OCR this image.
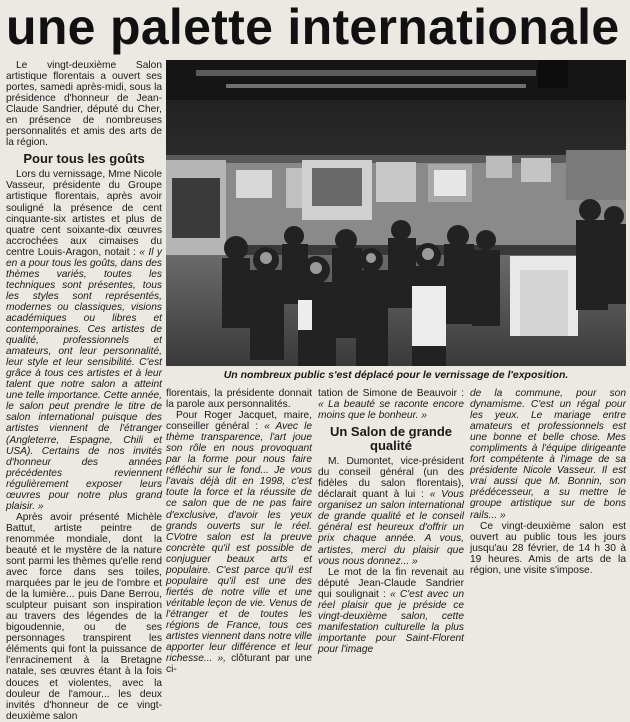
une palette internationale

Le vingt-deuxième Salon artistique florentais a ouvert ses portes, samedi après-midi, sous la présidence d'honneur de Jean-Claude Sandrier, député du Cher, en présence de nombreuses personnalités et amis des arts de la région.

Pour tous les goûts

Lors du vernissage, Mme Nicole Vasseur, présidente du Groupe artistique florentais, après avoir souligné la présence de cent cinquante-six artistes et plus de quatre cent soixante-dix œuvres accrochées aux cimaises du centre Louis-Aragon, notait : « Il y en a pour tous les goûts, dans des thèmes variés, toutes les techniques sont présentes, tous les styles sont représentés, modernes ou classiques, visions académiques ou libres et contemporaines. Ces artistes de qualité, professionnels et amateurs, ont leur personnalité, leur style et leur sensibilité. C'est grâce à tous ces artistes et à leur talent que notre salon a atteint une telle importance. Cette année, le salon peut prendre le titre de salon international puisque des artistes viennent de l'étranger (Angleterre, Espagne, Chili et USA). Certains de nos invités d'honneur des années précédentes reviennent régulièrement exposer leurs œuvres pour notre plus grand plaisir. »

Après avoir présenté Michèle Battut, artiste peintre de renommée mondiale, dont la beauté et le mystère de la nature sont parmi les thèmes qu'elle rend avec force dans ses toiles, marquées par le jeu de l'ombre et de la lumière... puis Dane Berrou, sculpteur puisant son inspiration au travers des légendes de la bigoudennie, ou de ses personnages transpirent les éléments qui font la puissance de l'enracinement à la Bretagne natale, ses œuvres étant à la fois douces et violentes, avec la douleur de l'amour... les deux invités d'honneur de ce vingt-deuxième salon

Un nombreux public s'est déplacé pour le vernissage de l'exposition.

florentais, la présidente donnait la parole aux personnalités.

Pour Roger Jacquet, maire, conseiller général : « Avec le thème transparence, l'art joue son rôle en nous provoquant par la forme pour nous faire réfléchir sur le fond... Je vous l'avais déjà dit en 1998, c'est toute la force et la réussite de ce salon que de ne pas faire d'exclusive, d'avoir les yeux grands ouverts sur le réel. CVotre salon est la preuve concrète qu'il est possible de conjuguer beaux arts et populaire. C'est parce qu'il est populaire qu'il est une des fiertés de notre ville et une véritable leçon de vie. Venus de l'étranger et de toutes les régions de France, tous ces artistes viennent dans notre ville apporter leur différence et leur richesse... », clôturant par une ci-

tation de Simone de Beauvoir : « La beauté se raconte encore moins que le bonheur. »

Un Salon de grande qualité

M. Dumontet, vice-président du conseil général (un des fidèles du salon florentais), déclarait quant à lui : « Vous organisez un salon international de grande qualité et le conseil général est heureux d'offrir un prix chaque année. A vous, artistes, merci du plaisir que vous nous donnez... »

Le mot de la fin revenait au député Jean-Claude Sandrier qui soulignait : « C'est avec un réel plaisir que je préside ce vingt-deuxième salon, cette manifestation culturelle la plus importante pour Saint-Florent pour l'image

de la commune, pour son dynamisme. C'est un régal pour les yeux. Le mariage entre amateurs et professionnels est une bonne et belle chose. Mes compliments à l'équipe dirigeante fort compétente à l'image de sa présidente Nicole Vasseur. Il est vrai aussi que M. Bonnin, son prédécesseur, a su mettre le groupe artistique sur de bons rails... »

Ce vingt-deuxième salon est ouvert au public tous les jours jusqu'au 28 février, de 14 h 30 à 19 heures. Amis de arts de la région, une visite s'impose.
